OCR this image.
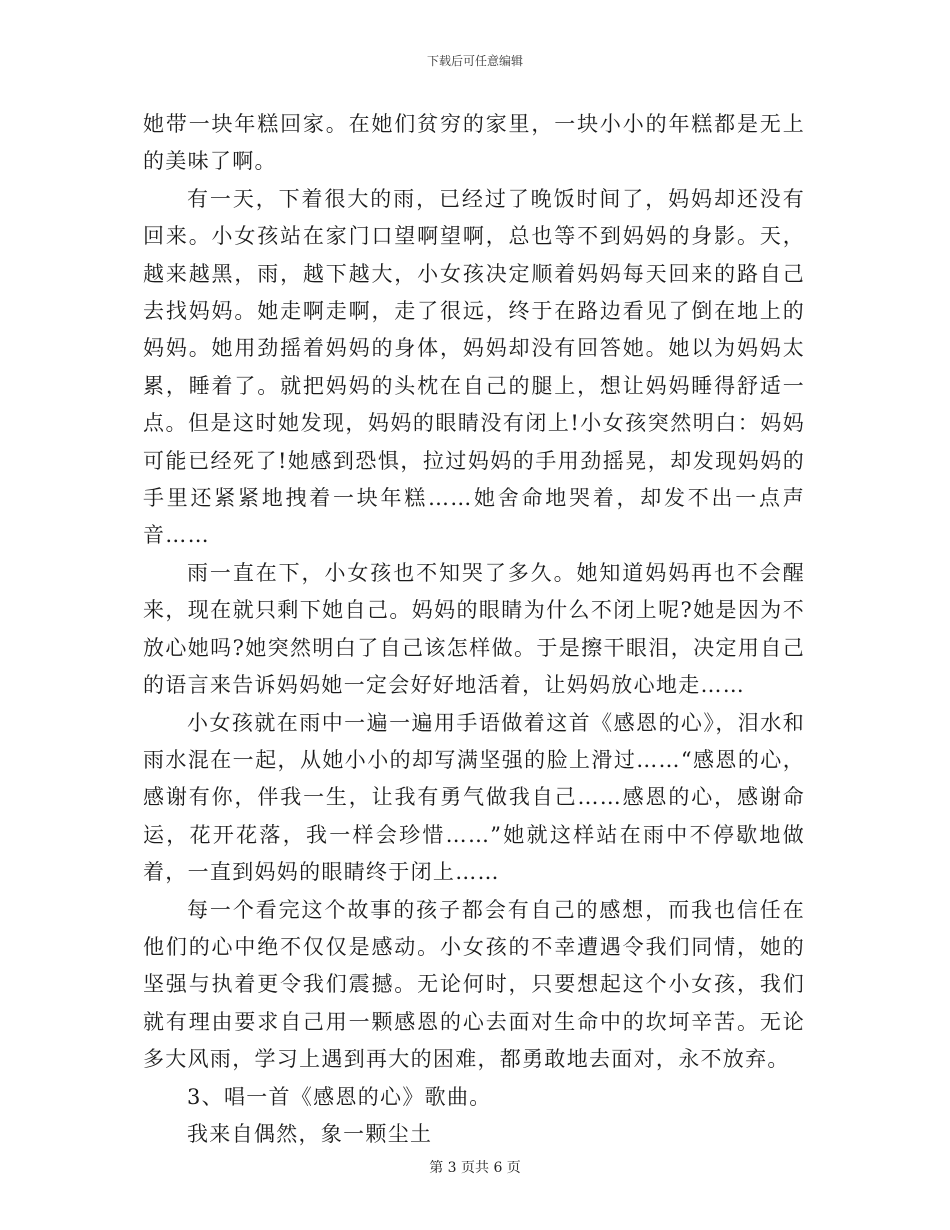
下载后可任意编辑

她带一块年糕回家。在她们贫穷的家里，一块小小的年糕都是无上的美味了啊。

有一天，下着很大的雨，已经过了晚饭时间了，妈妈却还没有回来。小女孩站在家门口望啊望啊，总也等不到妈妈的身影。天，越来越黑，雨，越下越大，小女孩决定顺着妈妈每天回来的路自己去找妈妈。她走啊走啊，走了很远，终于在路边看见了倒在地上的妈妈。她用劲摇着妈妈的身体，妈妈却没有回答她。她以为妈妈太累，睡着了。就把妈妈的头枕在自己的腿上，想让妈妈睡得舒适一点。但是这时她发现，妈妈的眼睛没有闭上!小女孩突然明白：妈妈可能已经死了!她感到恐惧，拉过妈妈的手用劲摇晃，却发现妈妈的手里还紧紧地拽着一块年糕……她舍命地哭着，却发不出一点声音……

雨一直在下，小女孩也不知哭了多久。她知道妈妈再也不会醒来，现在就只剩下她自己。妈妈的眼睛为什么不闭上呢?她是因为不放心她吗?她突然明白了自己该怎样做。于是擦干眼泪，决定用自己的语言来告诉妈妈她一定会好好地活着，让妈妈放心地走……

小女孩就在雨中一遍一遍用手语做着这首《感恩的心》，泪水和雨水混在一起，从她小小的却写满坚强的脸上滑过……“感恩的心，感谢有你，伴我一生，让我有勇气做我自己……感恩的心，感谢命运，花开花落，我一样会珍惜……”她就这样站在雨中不停歇地做着，一直到妈妈的眼睛终于闭上……

每一个看完这个故事的孩子都会有自己的感想，而我也信任在他们的心中绝不仅仅是感动。小女孩的不幸遭遇令我们同情，她的坚强与执着更令我们震撼。无论何时，只要想起这个小女孩，我们就有理由要求自己用一颗感恩的心去面对生命中的坎坷辛苦。无论多大风雨，学习上遇到再大的困难，都勇敢地去面对，永不放弃。

3、唱一首《感恩的心》歌曲。

我来自偶然，象一颗尘土

第 3 页共 6 页
